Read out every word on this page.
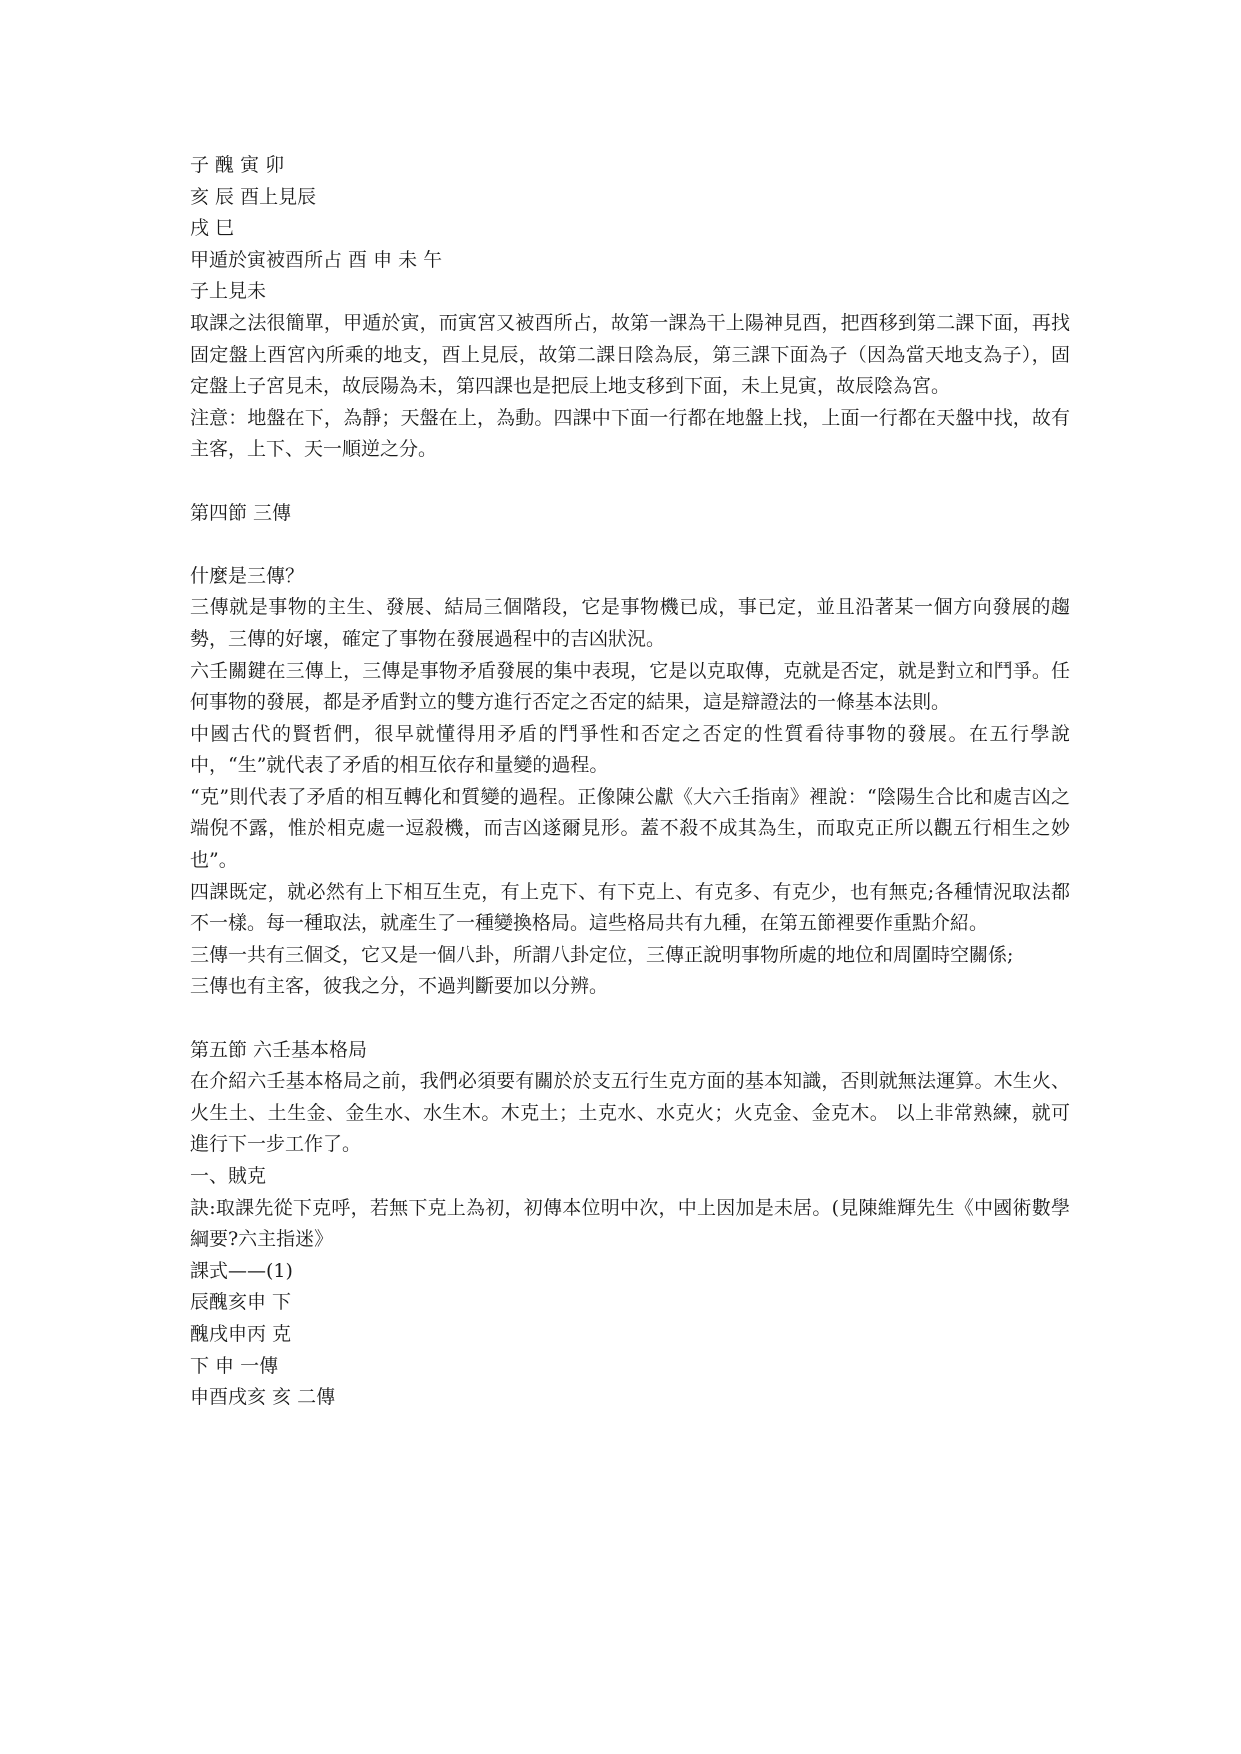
子 醜 寅 卯
亥 辰 酉上見辰
戌 巳
甲遁於寅被酉所占 酉 申 未 午
子上見未
取課之法很簡單，甲遁於寅，而寅宮又被酉所占，故第一課為干上陽神見酉，把酉移到第二課下面，再找固定盤上酉宮內所乘的地支，酉上見辰，故第二課日陰為辰，第三課下面為子（因為當天地支為子），固定盤上子宮見未，故辰陽為未，第四課也是把辰上地支移到下面，未上見寅，故辰陰為宮。
注意：地盤在下，為靜；天盤在上，為動。四課中下面一行都在地盤上找，上面一行都在天盤中找，故有主客，上下、天一順逆之分。
第四節 三傳
什麼是三傳？
三傳就是事物的主生、發展、結局三個階段，它是事物機已成，事已定，並且沿著某一個方向發展的趨勢，三傳的好壞，確定了事物在發展過程中的吉凶狀況。
六壬關鍵在三傳上，三傳是事物矛盾發展的集中表現，它是以克取傳，克就是否定，就是對立和鬥爭。任何事物的發展，都是矛盾對立的雙方進行否定之否定的結果，這是辯證法的一條基本法則。
中國古代的賢哲們，很早就懂得用矛盾的鬥爭性和否定之否定的性質看待事物的發展。在五行學說中，“生”就代表了矛盾的相互依存和量變的過程。
“克”則代表了矛盾的相互轉化和質變的過程。正像陳公獻《大六壬指南》裡說：“陰陽生合比和處吉凶之端倪不露，惟於相克處一逗殺機，而吉凶遂爾見形。蓋不殺不成其為生，而取克正所以觀五行相生之妙也”。
四課既定，就必然有上下相互生克，有上克下、有下克上、有克多、有克少，也有無克;各種情況取法都不一樣。每一種取法，就產生了一種變換格局。這些格局共有九種，在第五節裡要作重點介紹。
三傳一共有三個爻，它又是一個八卦，所謂八卦定位，三傳正說明事物所處的地位和周圍時空關係;
三傳也有主客，彼我之分，不過判斷要加以分辨。
第五節 六壬基本格局
在介紹六壬基本格局之前，我們必須要有關於於支五行生克方面的基本知識，否則就無法運算。木生火、火生土、土生金、金生水、水生木。木克土；土克水、水克火；火克金、金克木。 以上非常熟練，就可進行下一步工作了。
一、賊克
訣:取課先從下克呼，若無下克上為初，初傳本位明中次，中上因加是未居。(見陳維輝先生《中國術數學綱要?六主指迷》
課式——(1)
辰醜亥申 下
醜戌申丙 克
下 申 一傳
申酉戌亥 亥 二傳
